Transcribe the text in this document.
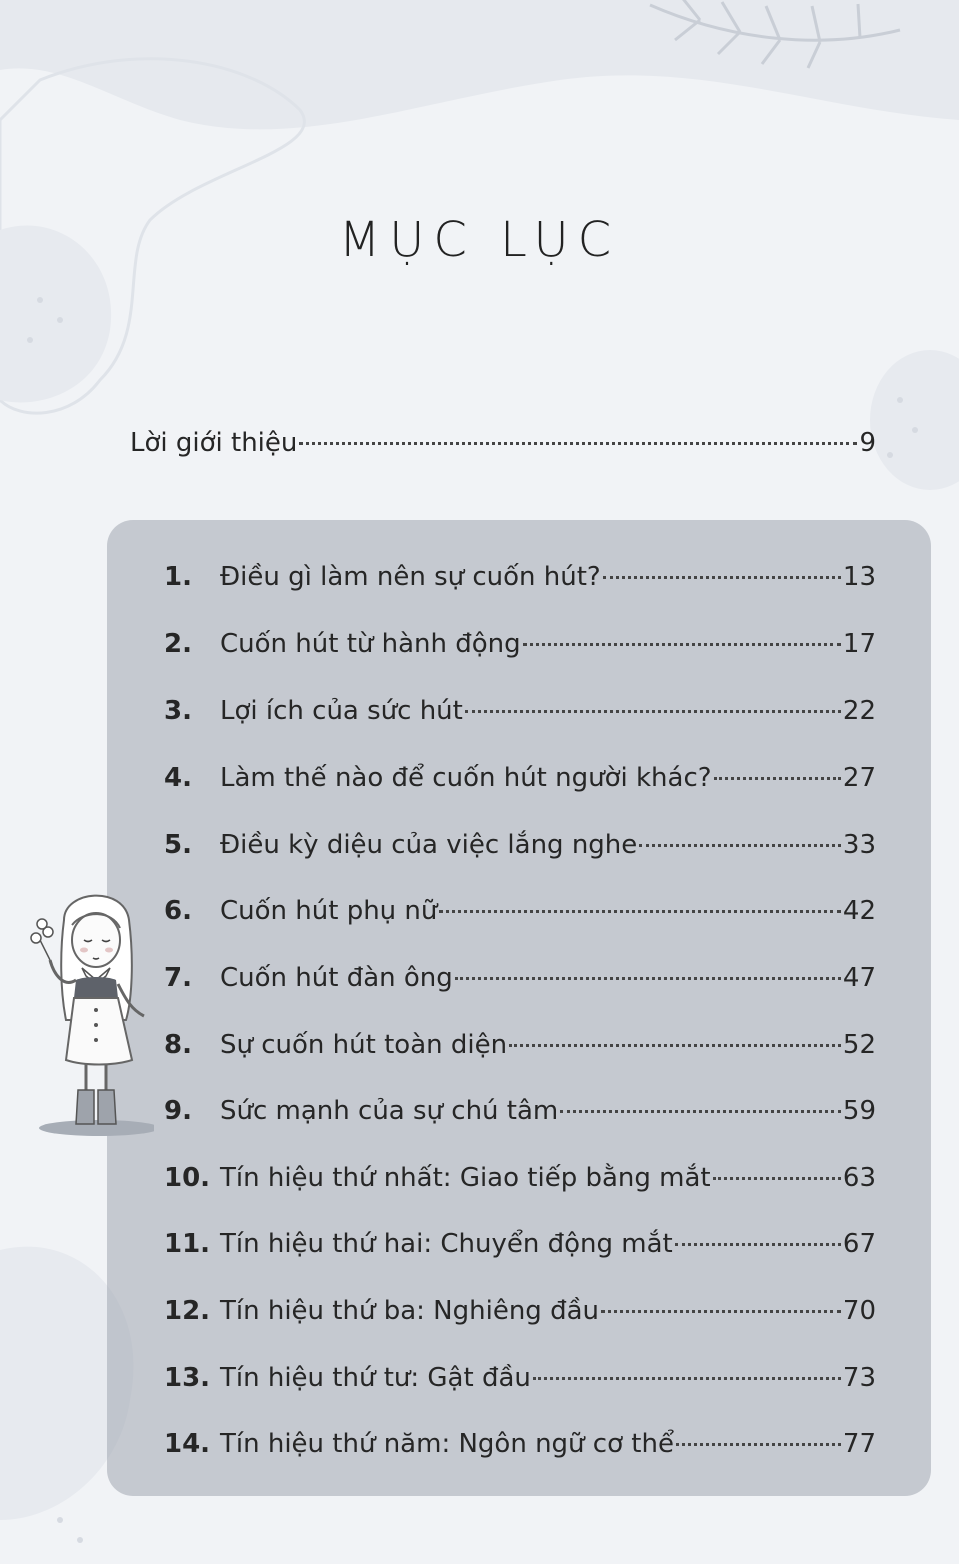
MỤC LỤC
Lời giới thiệu	9
1.	Điều gì làm nên sự cuốn hút?	13
2.	Cuốn hút từ hành động	17
3.	Lợi ích của sức hút	22
4.	Làm thế nào để cuốn hút người khác?	27
5.	Điều kỳ diệu của việc lắng nghe	33
6.	Cuốn hút phụ nữ	42
7.	Cuốn hút đàn ông	47
8.	Sự cuốn hút toàn diện	52
9.	Sức mạnh của sự chú tâm	59
10. Tín hiệu thứ nhất: Giao tiếp bằng mắt	63
11. Tín hiệu thứ hai: Chuyển động mắt	67
12. Tín hiệu thứ ba: Nghiêng đầu	70
13. Tín hiệu thứ tư: Gật đầu	73
14. Tín hiệu thứ năm: Ngôn ngữ cơ thể	77
